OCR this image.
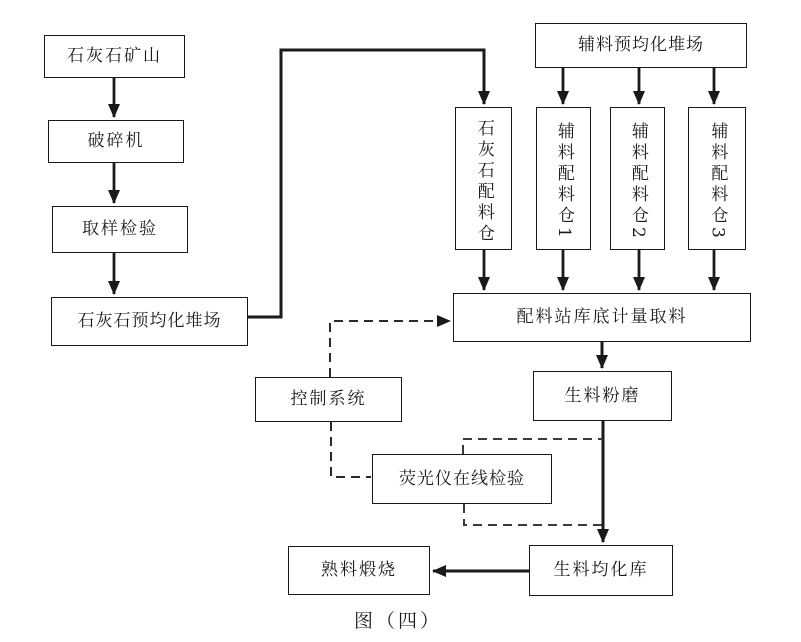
石灰石矿山
破碎机
取样检验
石灰石预均化堆场
辅料预均化堆场
石灰石配料仓	辅料配料仓1	辅料配料仓2	辅料配料仓3
配料站库底计量取料
生料粉磨
控制系统
荧光仪在线检验
生料均化库
熟料煅烧
图（四）
